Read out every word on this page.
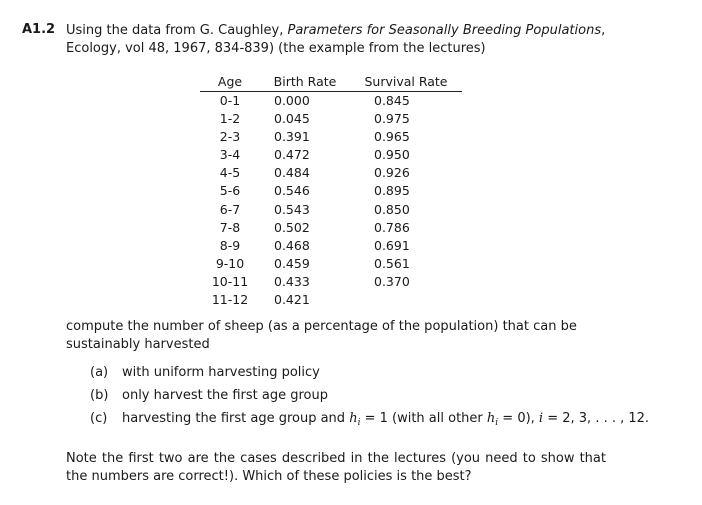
A1.2 Using the data from G. Caughley, Parameters for Seasonally Breeding Populations, Ecology, vol 48, 1967, 834-839) (the example from the lectures)
Age	Birth Rate	Survival Rate
0-1	0.000	0.845
1-2	0.045	0.975
2-3	0.391	0.965
3-4	0.472	0.950
4-5	0.484	0.926
5-6	0.546	0.895
6-7	0.543	0.850
7-8	0.502	0.786
8-9	0.468	0.691
9-10	0.459	0.561
10-11	0.433	0.370
11-12	0.421	
compute the number of sheep (as a percentage of the population) that can be sustainably harvested
(a) with uniform harvesting policy
(b) only harvest the first age group
(c) harvesting the first age group and $h_i = 1$ (with all other $h_i = 0$), i = 2, 3, . . . , 12.
Note the first two are the cases described in the lectures (you need to show that the numbers are correct!). Which of these policies is the best?
